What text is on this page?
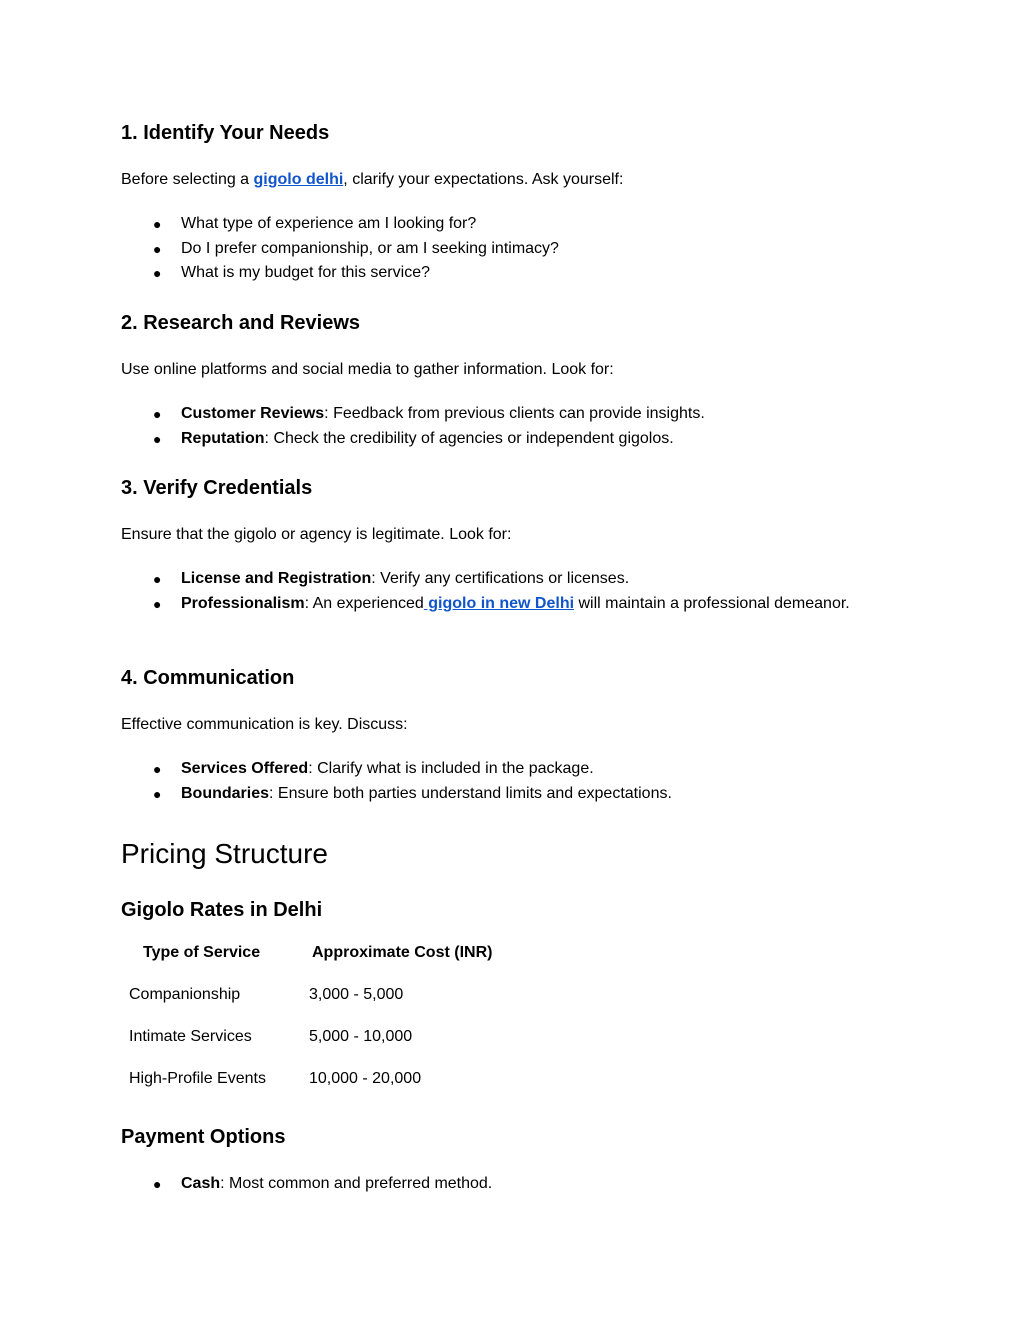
1. Identify Your Needs

Before selecting a gigolo delhi, clarify your expectations. Ask yourself:

● What type of experience am I looking for?
● Do I prefer companionship, or am I seeking intimacy?
● What is my budget for this service?
2. Research and Reviews

Use online platforms and social media to gather information. Look for:

● Customer Reviews: Feedback from previous clients can provide insights.
● Reputation: Check the credibility of agencies or independent gigolos.
3. Verify Credentials

Ensure that the gigolo or agency is legitimate. Look for:

● License and Registration: Verify any certifications or licenses.
● Professionalism: An experienced gigolo in new Delhi will maintain a professional demeanor.
4. Communication

Effective communication is key. Discuss:

● Services Offered: Clarify what is included in the package.
● Boundaries: Ensure both parties understand limits and expectations.
Pricing Structure
Gigolo Rates in Delhi
Type of Service	Approximate Cost (INR)
Companionship	3,000 - 5,000
Intimate Services	5,000 - 10,000
High-Profile Events	10,000 - 20,000
Payment Options
● Cash: Most common and preferred method.
